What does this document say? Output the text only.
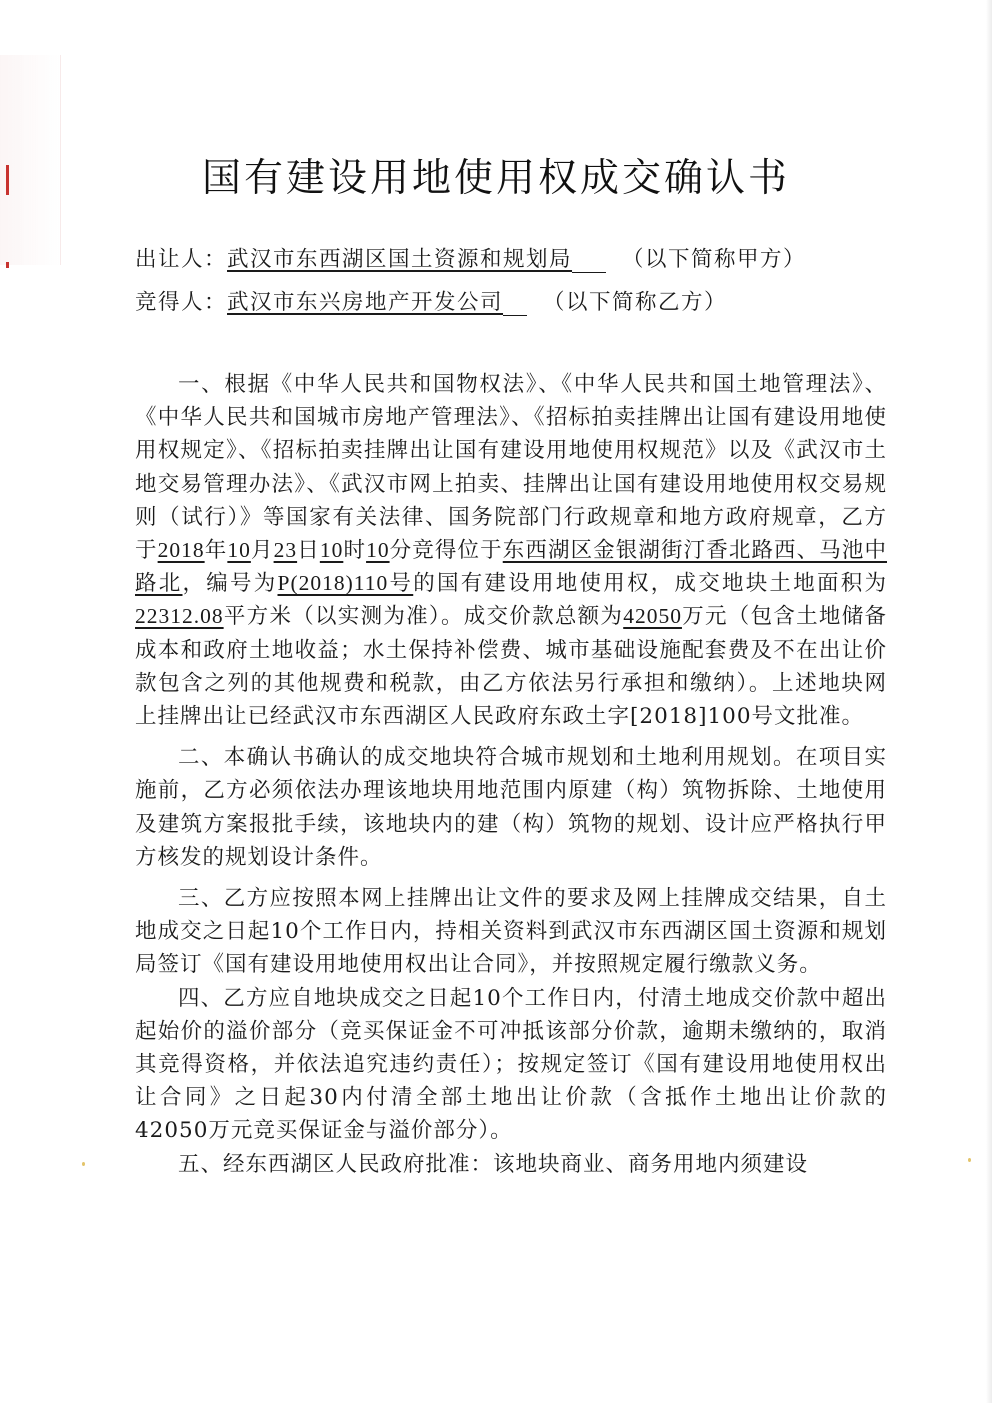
国有建设用地使用权成交确认书
出让人：武汉市东西湖区国土资源和规划局 （以下简称甲方）
竞得人：武汉市东兴房地产开发公司 （以下简称乙方）

一、根据《中华人民共和国物权法》、《中华人民共和国土地管理法》、《中华人民共和国城市房地产管理法》、《招标拍卖挂牌出让国有建设用地使用权规定》、《招标拍卖挂牌出让国有建设用地使用权规范》以及《武汉市土地交易管理办法》、《武汉市网上拍卖、挂牌出让国有建设用地使用权交易规则（试行）》等国家有关法律、国务院部门行政规章和地方政府规章，乙方于2018年10月23日10时10分竞得位于东西湖区金银湖街汀香北路西、马池中路北，编号为P(2018)110号的国有建设用地使用权，成交地块土地面积为22312.08平方米（以实测为准）。成交价款总额为42050万元（包含土地储备成本和政府土地收益；水土保持补偿费、城市基础设施配套费及不在出让价款包含之列的其他规费和税款，由乙方依法另行承担和缴纳）。上述地块网上挂牌出让已经武汉市东西湖区人民政府东政土字[2018]100号文批准。

二、本确认书确认的成交地块符合城市规划和土地利用规划。在项目实施前，乙方必须依法办理该地块用地范围内原建（构）筑物拆除、土地使用及建筑方案报批手续，该地块内的建（构）筑物的规划、设计应严格执行甲方核发的规划设计条件。

三、乙方应按照本网上挂牌出让文件的要求及网上挂牌成交结果，自土地成交之日起10个工作日内，持相关资料到武汉市东西湖区国土资源和规划局签订《国有建设用地使用权出让合同》，并按照规定履行缴款义务。

四、乙方应自地块成交之日起10个工作日内，付清土地成交价款中超出起始价的溢价部分（竞买保证金不可冲抵该部分价款，逾期未缴纳的，取消其竞得资格，并依法追究违约责任）；按规定签订《国有建设用地使用权出让合同》之日起30内付清全部土地出让价款（含抵作土地出让价款的　42050万元竞买保证金与溢价部分）。

五、经东西湖区人民政府批准：该地块商业、商务用地内须建设
